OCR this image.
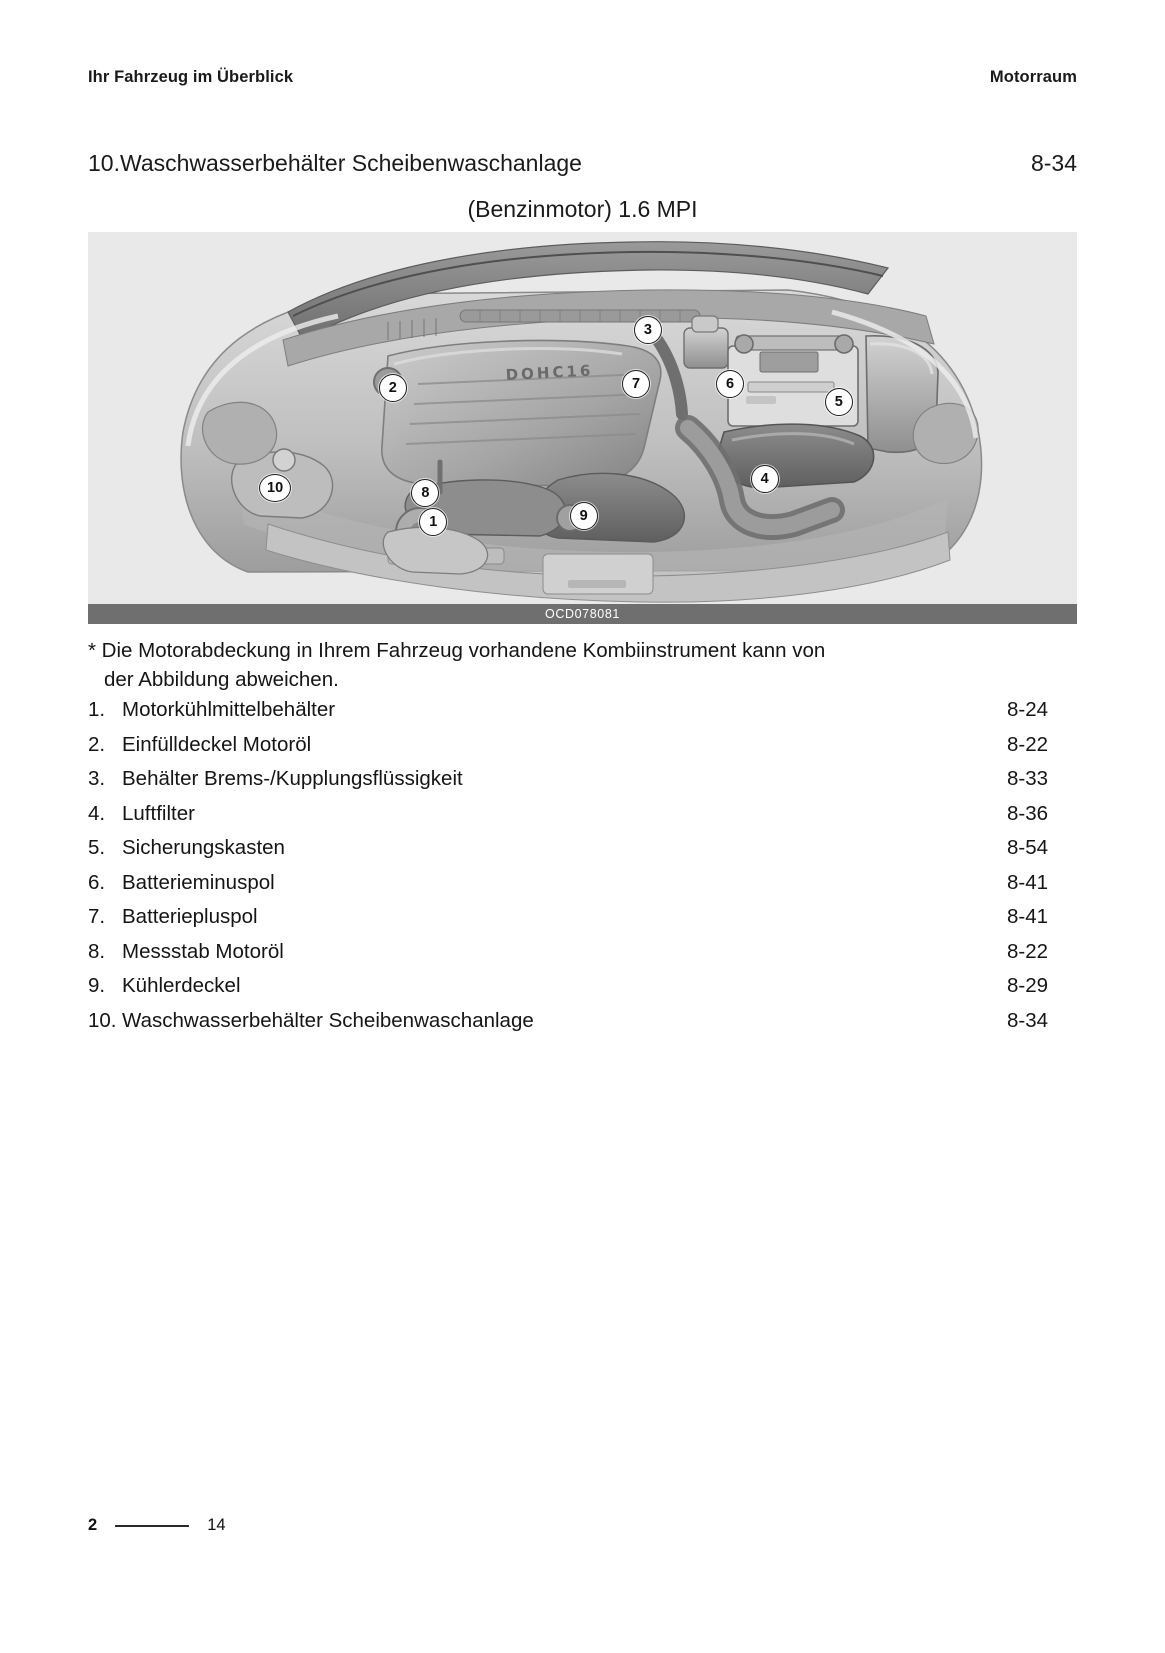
Ihr Fahrzeug im Überblick	Motorraum
10.Waschwasserbehälter Scheibenwaschanlage	8-34
(Benzinmotor) 1.6 MPI
DOHC16
1
2
3
4
5
6
7
8
9
10
OCD078081
* Die Motorabdeckung in Ihrem Fahrzeug vorhandene Kombiinstrument kann von
der Abbildung abweichen.
1. Motorkühlmittelbehälter	8-24
2. Einfülldeckel Motoröl	8-22
3. Behälter Brems-/Kupplungsflüssigkeit	8-33
4. Luftfilter	8-36
5. Sicherungskasten	8-54
6. Batterieminuspol	8-41
7. Batteriepluspol	8-41
8. Messstab Motoröl	8-22
9. Kühlerdeckel	8-29
10. Waschwasserbehälter Scheibenwaschanlage	8-34
2	14
